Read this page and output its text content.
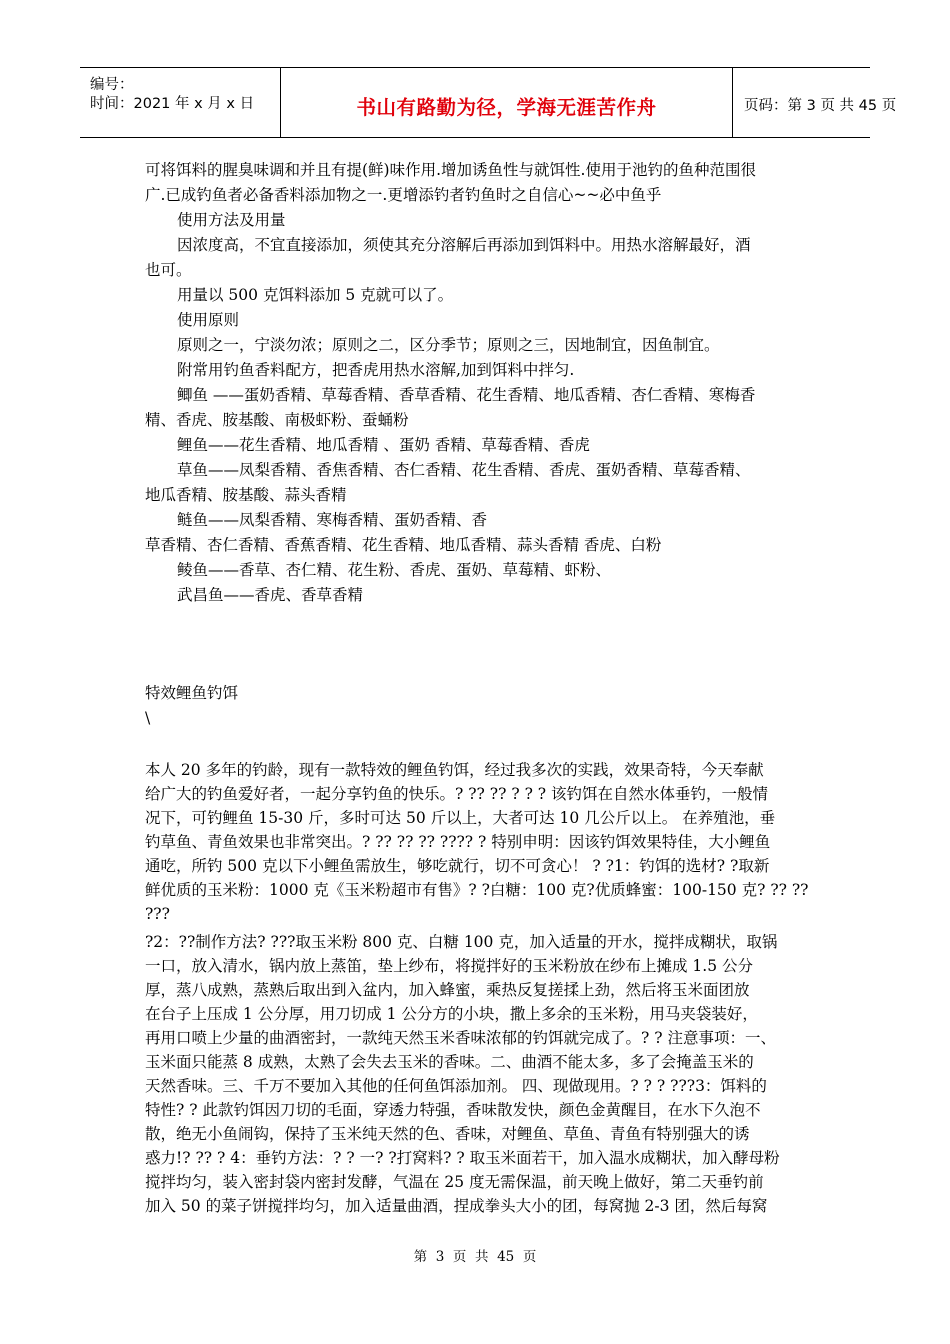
编号：
时间：2021 年 x 月 x 日	书山有路勤为径，学海无涯苦作舟	页码：第 3 页 共 45 页
可将饵料的腥臭味调和并且有提(鲜)味作用.增加诱鱼性与就饵性.使用于池钓的鱼种范围很
广.已成钓鱼者必备香料添加物之一.更增添钓者钓鱼时之自信心~~必中鱼乎
使用方法及用量
因浓度高，不宜直接添加，须使其充分溶解后再添加到饵料中。用热水溶解最好，酒
也可。
用量以 500 克饵料添加 5 克就可以了。
使用原则
原则之一，宁淡勿浓；原则之二，区分季节；原则之三，因地制宜，因鱼制宜。
附常用钓鱼香料配方，把香虎用热水溶解,加到饵料中拌匀.
鲫鱼 ——蛋奶香精、草莓香精、香草香精、花生香精、地瓜香精、杏仁香精、寒梅香
精、香虎、胺基酸、南极虾粉、蚕蛹粉
鲤鱼——花生香精、地瓜香精 、蛋奶 香精、草莓香精、香虎
草鱼——凤梨香精、香焦香精、杏仁香精、花生香精、香虎、蛋奶香精、草莓香精、
地瓜香精、胺基酸、蒜头香精
鲢鱼——凤梨香精、寒梅香精、蛋奶香精、香
草香精、杏仁香精、香蕉香精、花生香精、地瓜香精、蒜头香精 香虎、白粉
鲮鱼——香草、杏仁精、花生粉、香虎、蛋奶、草莓精、虾粉、
武昌鱼——香虎、香草香精
特效鲤鱼钓饵
\
本人 20 多年的钓龄，现有一款特效的鲤鱼钓饵，经过我多次的实践，效果奇特，今天奉献
给广大的钓鱼爱好者，一起分享钓鱼的快乐。? ?? ?? ? ? ? 该钓饵在自然水体垂钓，一般情
况下，可钓鲤鱼 15-30 斤，多时可达 50 斤以上，大者可达 10 几公斤以上。 在养殖池，垂
钓草鱼、青鱼效果也非常突出。? ?? ?? ?? ???? ? 特别申明：因该钓饵效果特佳，大小鲤鱼
通吃，所钓 500 克以下小鲤鱼需放生，够吃就行，切不可贪心！ ? ?1：钓饵的选材? ?取新
鲜优质的玉米粉：1000 克《玉米粉超市有售》? ?白糖：100 克?优质蜂蜜：100-150 克? ?? ??
???
?2：??制作方法? ???取玉米粉 800 克、白糖 100 克，加入适量的开水，搅拌成糊状，取锅
一口，放入清水，锅内放上蒸笛，垫上纱布，将搅拌好的玉米粉放在纱布上摊成 1.5 公分
厚，蒸八成熟，蒸熟后取出到入盆内，加入蜂蜜，乘热反复搓揉上劲，然后将玉米面团放
在台子上压成 1 公分厚，用刀切成 1 公分方的小块，撒上多余的玉米粉，用马夹袋装好，
再用口喷上少量的曲酒密封，一款纯天然玉米香味浓郁的钓饵就完成了。? ? 注意事项：一、
玉米面只能蒸 8 成熟，太熟了会失去玉米的香味。二、曲酒不能太多，多了会掩盖玉米的
天然香味。三、千万不要加入其他的任何鱼饵添加剂。 四、现做现用。? ? ? ???3：饵料的
特性? ? 此款钓饵因刀切的毛面，穿透力特强，香味散发快，颜色金黄醒目，在水下久泡不
散，绝无小鱼闹钩，保持了玉米纯天然的色、香味，对鲤鱼、草鱼、青鱼有特别强大的诱
惑力!? ?? ? 4：垂钓方法：? ? 一? ?打窝料? ? 取玉米面若干，加入温水成糊状，加入酵母粉
搅拌均匀，装入密封袋内密封发酵，气温在 25 度无需保温，前天晚上做好，第二天垂钓前
加入 50 的菜子饼搅拌均匀，加入适量曲酒，捏成拳头大小的团，每窝抛 2-3 团，然后每窝
第  3  页  共  45  页
